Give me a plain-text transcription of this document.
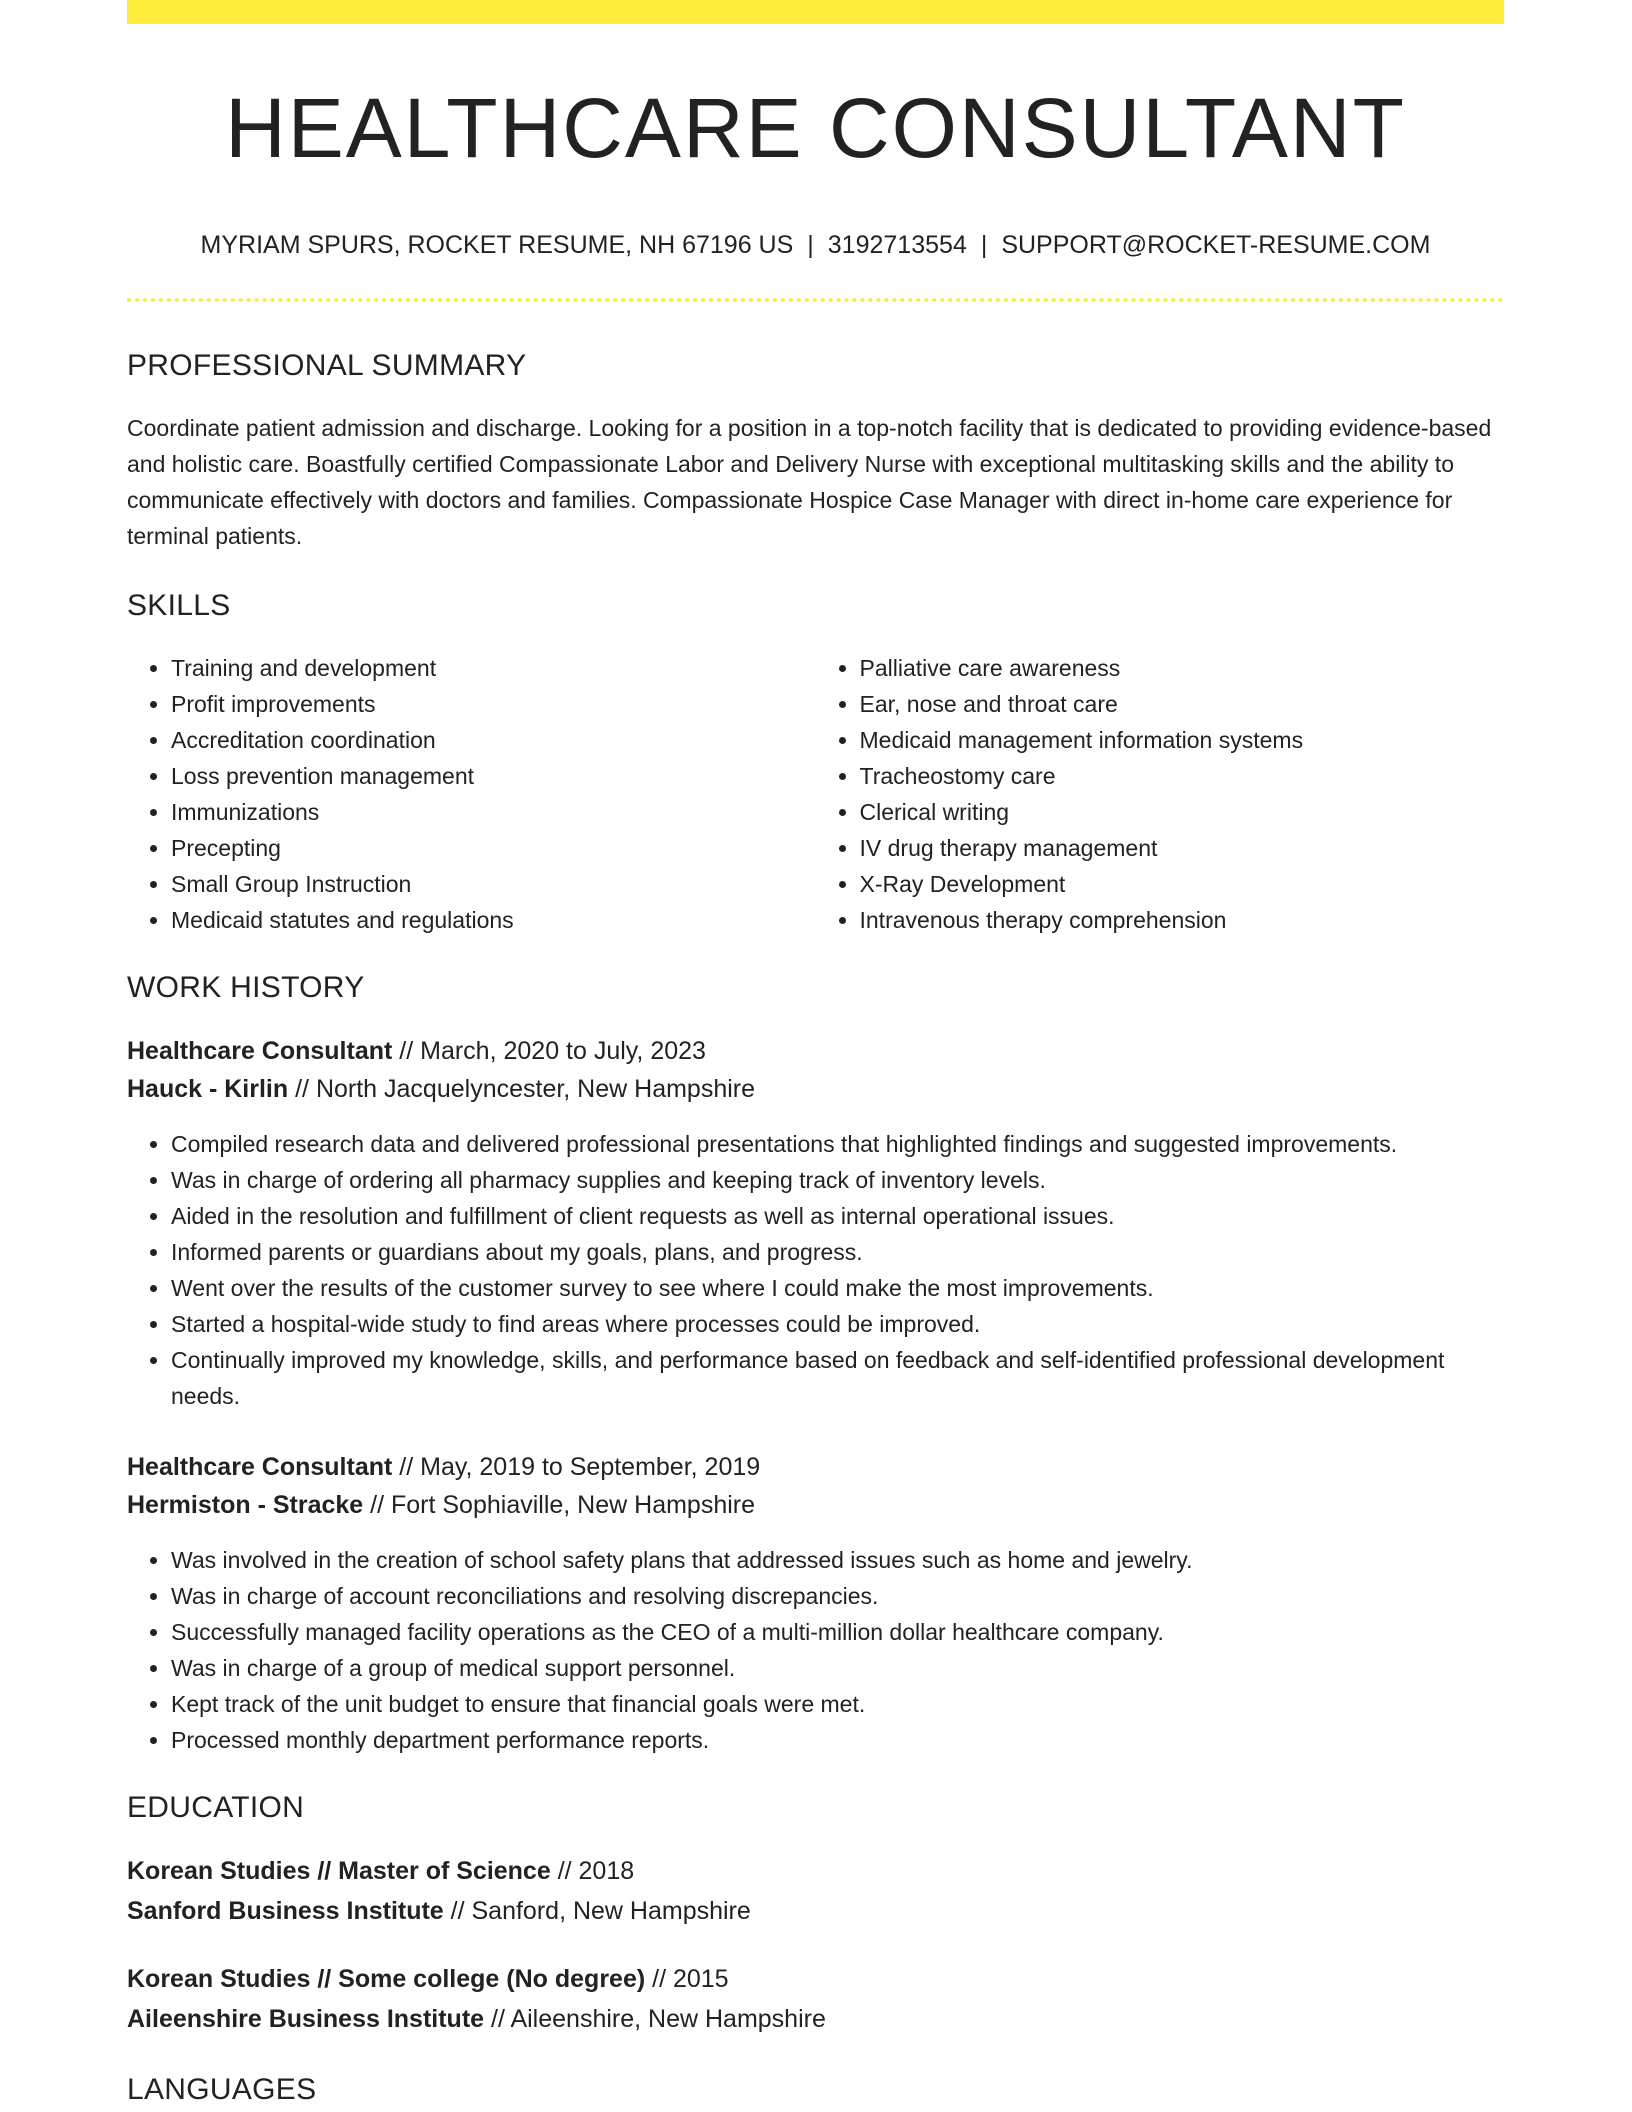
HEALTHCARE CONSULTANT
MYRIAM SPURS, ROCKET RESUME, NH 67196 US | 3192713554 | SUPPORT@ROCKET-RESUME.COM
PROFESSIONAL SUMMARY
Coordinate patient admission and discharge. Looking for a position in a top-notch facility that is dedicated to providing evidence-based and holistic care. Boastfully certified Compassionate Labor and Delivery Nurse with exceptional multitasking skills and the ability to communicate effectively with doctors and families. Compassionate Hospice Case Manager with direct in-home care experience for terminal patients.
SKILLS
• Training and development
• Profit improvements
• Accreditation coordination
• Loss prevention management
• Immunizations
• Precepting
• Small Group Instruction
• Medicaid statutes and regulations
• Palliative care awareness
• Ear, nose and throat care
• Medicaid management information systems
• Tracheostomy care
• Clerical writing
• IV drug therapy management
• X-Ray Development
• Intravenous therapy comprehension
WORK HISTORY
Healthcare Consultant // March, 2020 to July, 2023
Hauck - Kirlin // North Jacquelyncester, New Hampshire
• Compiled research data and delivered professional presentations that highlighted findings and suggested improvements.
• Was in charge of ordering all pharmacy supplies and keeping track of inventory levels.
• Aided in the resolution and fulfillment of client requests as well as internal operational issues.
• Informed parents or guardians about my goals, plans, and progress.
• Went over the results of the customer survey to see where I could make the most improvements.
• Started a hospital-wide study to find areas where processes could be improved.
• Continually improved my knowledge, skills, and performance based on feedback and self-identified professional development needs.
Healthcare Consultant // May, 2019 to September, 2019
Hermiston - Stracke // Fort Sophiaville, New Hampshire
• Was involved in the creation of school safety plans that addressed issues such as home and jewelry.
• Was in charge of account reconciliations and resolving discrepancies.
• Successfully managed facility operations as the CEO of a multi-million dollar healthcare company.
• Was in charge of a group of medical support personnel.
• Kept track of the unit budget to ensure that financial goals were met.
• Processed monthly department performance reports.
EDUCATION
Korean Studies // Master of Science // 2018
Sanford Business Institute // Sanford, New Hampshire
Korean Studies // Some college (No degree) // 2015
Aileenshire Business Institute // Aileenshire, New Hampshire
LANGUAGES
